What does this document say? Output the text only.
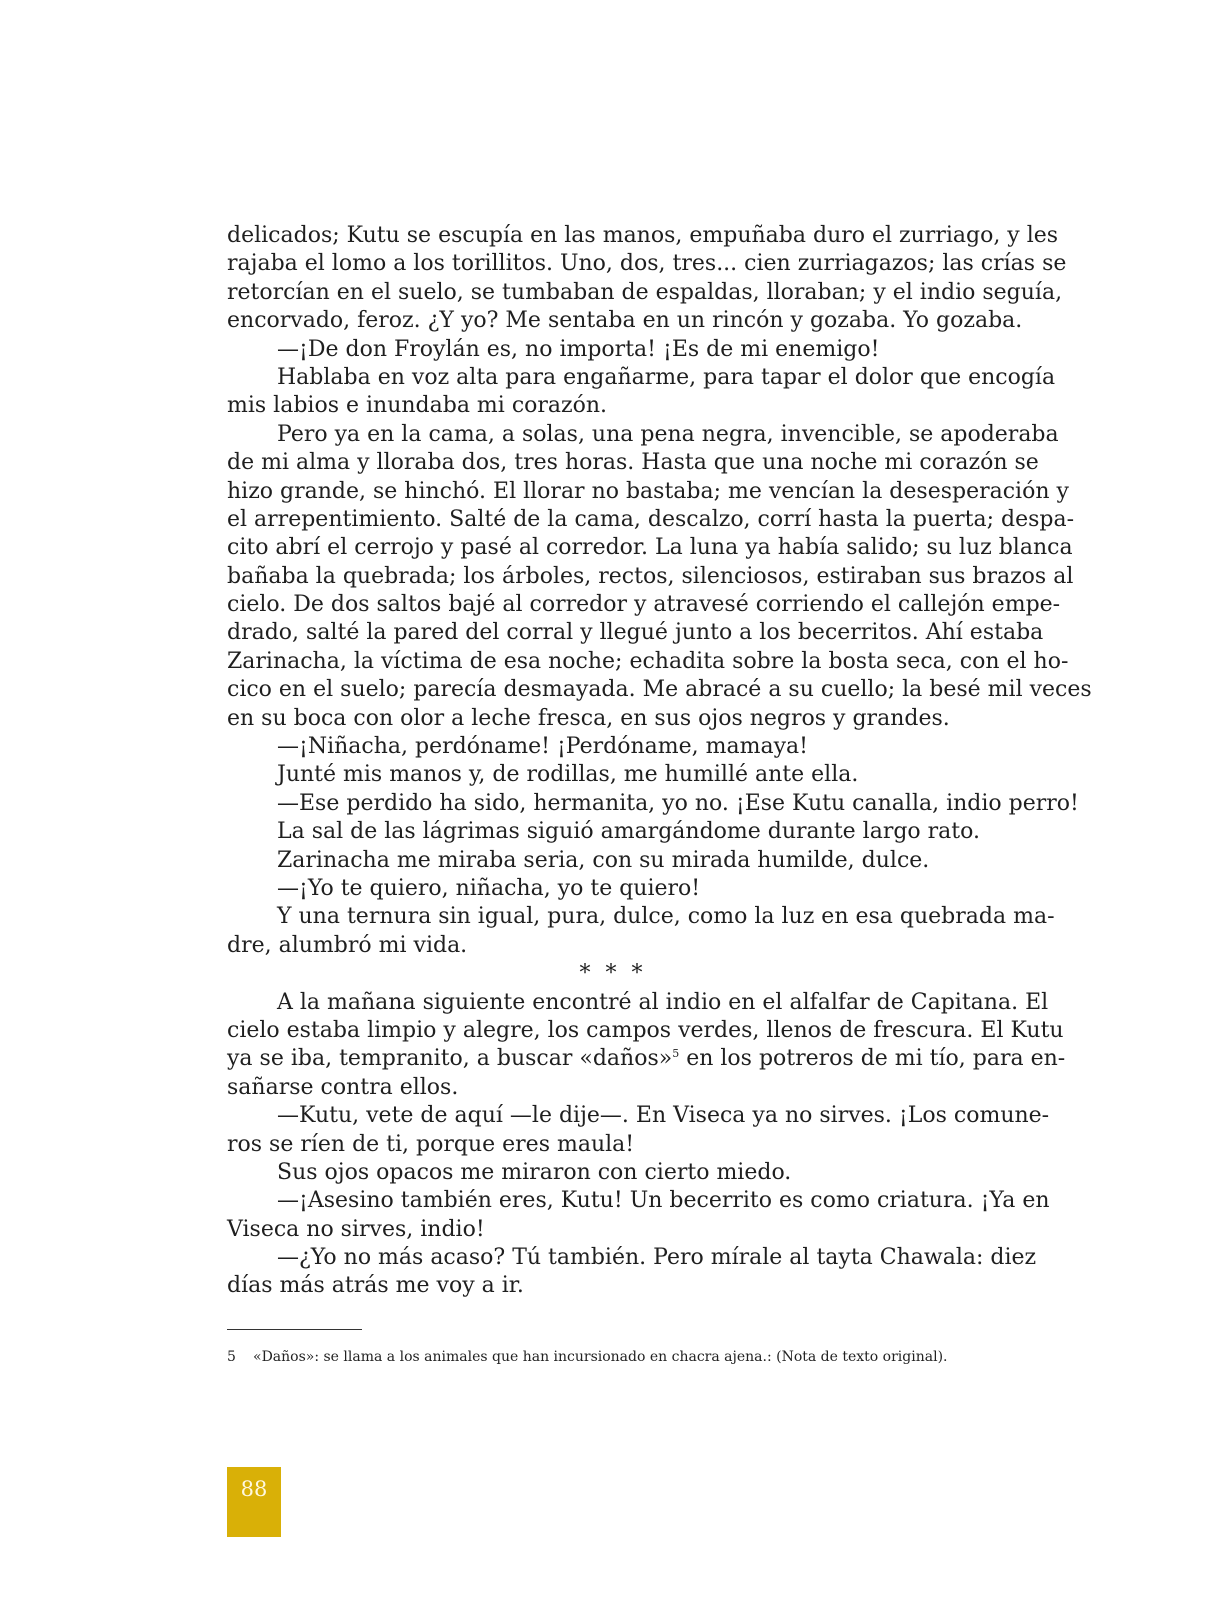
delicados; Kutu se escupía en las manos, empuñaba duro el zurriago, y les
rajaba el lomo a los torillitos. Uno, dos, tres... cien zurriagazos; las crías se
retorcían en el suelo, se tumbaban de espaldas, lloraban; y el indio seguía,
encorvado, feroz. ¿Y yo? Me sentaba en un rincón y gozaba. Yo gozaba.
—¡De don Froylán es, no importa! ¡Es de mi enemigo!
Hablaba en voz alta para engañarme, para tapar el dolor que encogía
mis labios e inundaba mi corazón.
Pero ya en la cama, a solas, una pena negra, invencible, se apoderaba
de mi alma y lloraba dos, tres horas. Hasta que una noche mi corazón se
hizo grande, se hinchó. El llorar no bastaba; me vencían la desesperación y
el arrepentimiento. Salté de la cama, descalzo, corrí hasta la puerta; despa-
cito abrí el cerrojo y pasé al corredor. La luna ya había salido; su luz blanca
bañaba la quebrada; los árboles, rectos, silenciosos, estiraban sus brazos al
cielo. De dos saltos bajé al corredor y atravesé corriendo el callejón empe-
drado, salté la pared del corral y llegué junto a los becerritos. Ahí estaba
Zarinacha, la víctima de esa noche; echadita sobre la bosta seca, con el ho-
cico en el suelo; parecía desmayada. Me abracé a su cuello; la besé mil veces
en su boca con olor a leche fresca, en sus ojos negros y grandes.
—¡Niñacha, perdóname! ¡Perdóname, mamaya!
Junté mis manos y, de rodillas, me humillé ante ella.
—Ese perdido ha sido, hermanita, yo no. ¡Ese Kutu canalla, indio perro!
La sal de las lágrimas siguió amargándome durante largo rato.
Zarinacha me miraba seria, con su mirada humilde, dulce.
—¡Yo te quiero, niñacha, yo te quiero!
Y una ternura sin igual, pura, dulce, como la luz en esa quebrada ma-
dre, alumbró mi vida.
* * *
A la mañana siguiente encontré al indio en el alfalfar de Capitana. El
cielo estaba limpio y alegre, los campos verdes, llenos de frescura. El Kutu
ya se iba, tempranito, a buscar «daños»$^5$ en los potreros de mi tío, para en-
sañarse contra ellos.
—Kutu, vete de aquí —le dije—. En Viseca ya no sirves. ¡Los comune-
ros se ríen de ti, porque eres maula!
Sus ojos opacos me miraron con cierto miedo.
—¡Asesino también eres, Kutu! Un becerrito es como criatura. ¡Ya en
Viseca no sirves, indio!
—¿Yo no más acaso? Tú también. Pero mírale al tayta Chawala: diez
días más atrás me voy a ir.
5 «Daños»: se llama a los animales que han incursionado en chacra ajena.: (Nota de texto original).
88
